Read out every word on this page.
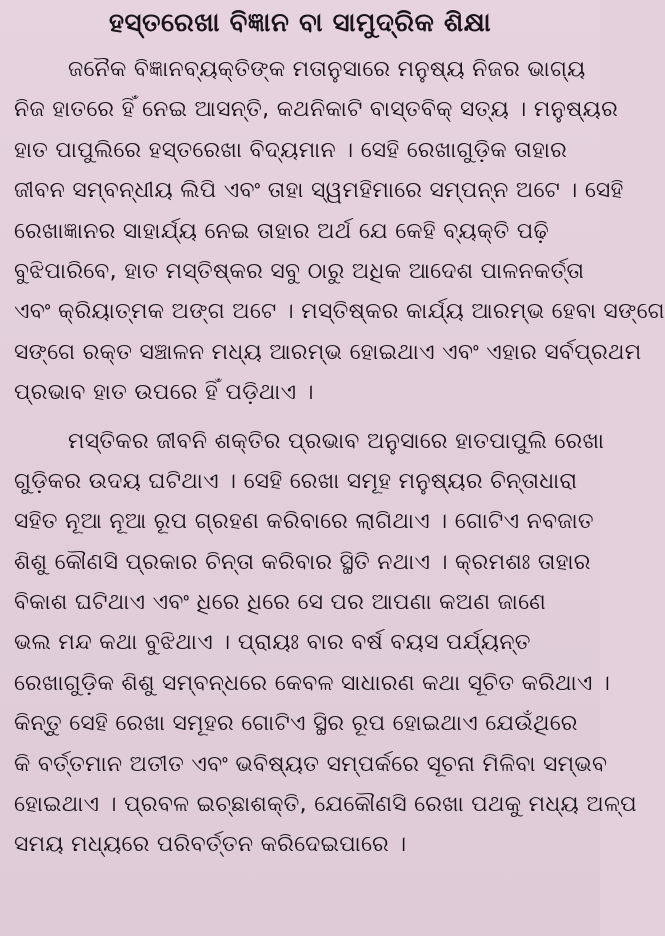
ହସ୍ତରେଖା ବିଜ୍ଞାନ ବା ସାମୁଦ୍ରିକ ଶିକ୍ଷା
ଜନୈକ ବିଜ୍ଞାନବ୍ୟକ୍ତିଙ୍କ ମତାନୁସାରେ ମନୁଷ୍ୟ ନିଜର ଭାଗ୍ୟ
ନିଜ ହାତରେ ହିଁ ନେଇ ଆସନ୍ତି, କଥନିକାଟି ବାସ୍ତବିକ୍ ସତ୍ୟ । ମନୁଷ୍ୟର
ହାତ ପାପୁଲିରେ ହସ୍ତରେଖା ବିଦ୍ୟମାନ । ସେହି ରେଖାଗୁଡ଼ିକ ତାହାର
ଜୀବନ ସମ୍ବନ୍ଧୀୟ ଲିପି ଏବଂ ତାହା ସ୍ୱମହିମାରେ ସମ୍ପନ୍ନ ଅଟେ । ସେହି
ରେଖାଜ୍ଞାନର ସାହାର୍ଯ୍ୟ ନେଇ ତାହାର ଅର୍ଥ ଯେ କେହି ବ୍ୟକ୍ତି ପଢ଼ି
ବୁଝିପାରିବେ, ହାତ ମସ୍ତିଷ୍କର ସବୁ ଠାରୁ ଅଧିକ ଆଦେଶ ପାଳନକର୍ତ୍ତା
ଏବଂ କ୍ରିୟାତ୍ମକ ଅଙ୍ଗ ଅଟେ । ମସ୍ତିଷ୍କର କାର୍ଯ୍ୟ ଆରମ୍ଭ ହେବା ସଙ୍ଗେ
ସଙ୍ଗେ ରକ୍ତ ସଞ୍ଚାଳନ ମଧ୍ୟ ଆରମ୍ଭ ହୋଇଥାଏ ଏବଂ ଏହାର ସର୍ବପ୍ରଥମ
ପ୍ରଭାବ ହାତ ଉପରେ ହିଁ ପଡ଼ିଥାଏ ।
ମସ୍ତିକର ଜୀବନି ଶକ୍ତିର ପ୍ରଭାବ ଅନୁସାରେ ହାତପାପୁଲି ରେଖା
ଗୁଡ଼ିକର ଉଦୟ ଘଟିଥାଏ । ସେହି ରେଖା ସମୂହ ମନୁଷ୍ୟର ଚିନ୍ତାଧାରା
ସହିତ ନୂଆ ନୂଆ ରୂପ ଗ୍ରହଣ କରିବାରେ ଲାଗିଥାଏ । ଗୋଟିଏ ନବଜାତ
ଶିଶୁ କୌଣସି ପ୍ରକାର ଚିନ୍ତା କରିବାର ସ୍ଥିତି ନଥାଏ । କ୍ରମଶଃ ତାହାର
ବିକାଶ ଘଟିଥାଏ ଏବଂ ଧିରେ ଧିରେ ସେ ପର ଆପଣା କଅଣ ଜାଣେ
ଭଲ ମନ୍ଦ କଥା ବୁଝିଥାଏ । ପ୍ରାୟଃ ବାର ବର୍ଷ ବୟସ ପର୍ଯ୍ୟନ୍ତ
ରେଖାଗୁଡ଼ିକ ଶିଶୁ ସମ୍ବନ୍ଧରେ କେବଳ ସାଧାରଣ କଥା ସୂଚିତ କରିଥାଏ ।
କିନ୍ତୁ ସେହି ରେଖା ସମୂହର ଗୋଟିଏ ସ୍ଥିର ରୂପ ହୋଇଥାଏ ଯେଉଁଥିରେ
କି ବର୍ତ୍ତମାନ ଅତୀତ ଏବଂ ଭବିଷ୍ୟତ ସମ୍ପର୍କରେ ସୂଚନା ମିଳିବା ସମ୍ଭବ
ହୋଇଥାଏ । ପ୍ରବଳ ଇଚ୍ଛାଶକ୍ତି, ଯେକୌଣସି ରେଖା ପଥକୁ ମଧ୍ୟ ଅଳ୍ପ
ସମୟ ମଧ୍ୟରେ ପରିବର୍ତ୍ତନ କରିଦେଇପାରେ ।
